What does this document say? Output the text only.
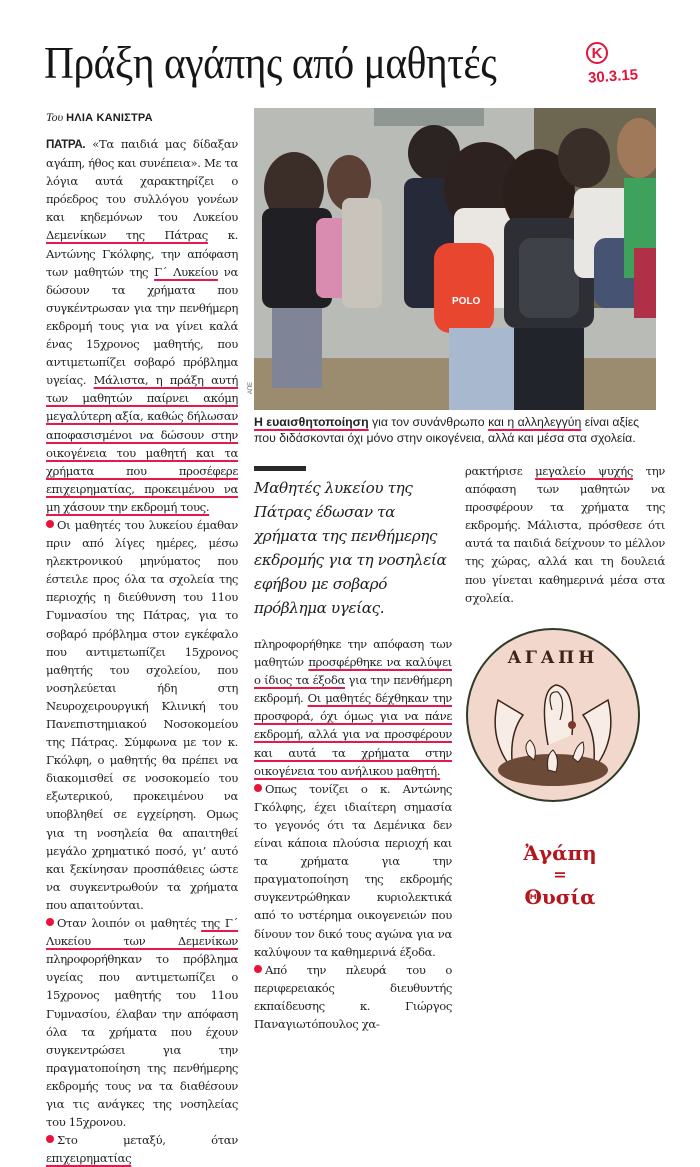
Πράξη αγάπης από μαθητές	K
30.3.15
Του ΗΛΙΑ ΚΑΝΙΣΤΡΑ

ΠΑΤΡΑ. «Τα παιδιά μας δίδαξαν αγάπη, ήθος και συνέπεια». Με τα λόγια αυτά χαρακτηρίζει ο πρόεδρος του συλλόγου γονέων και κηδεμόνων του Λυκείου Δεμενίκων της Πάτρας κ. Αντώνης Γκόλφης, την απόφαση των μαθητών της Γ΄ Λυκείου να δώσουν τα χρήματα που συγκέντρωσαν για την πενθήμερη εκδρομή τους για να γίνει καλά ένας 15χρονος μαθητής, που αντιμετωπίζει σοβαρό πρόβλημα υγείας. Μάλιστα, η πράξη αυτή των μαθητών παίρνει ακόμη μεγαλύτερη αξία, καθώς δήλωσαν αποφασισμένοι να δώσουν στην οικογένεια του μαθητή και τα χρήματα που προσέφερε επιχειρηματίας, προκειμένου να μη χάσουν την εκδρομή τους.

Οι μαθητές του λυκείου έμαθαν πριν από λίγες ημέρες, μέσω ηλεκτρονικού μηνύματος που έστειλε προς όλα τα σχολεία της περιοχής η διεύθυνση του 11ου Γυμνασίου της Πάτρας, για το σοβαρό πρόβλημα στον εγκέφαλο που αντιμετωπίζει 15χρονος μαθητής του σχολείου, που νοσηλεύεται ήδη στη Νευροχειρουργική Κλινική του Πανεπιστημιακού Νοσοκομείου της Πάτρας. Σύμφωνα με τον κ. Γκόλφη, ο μαθητής θα πρέπει να διακομισθεί σε νοσοκομείο του εξωτερικού, προκειμένου να υποβληθεί σε εγχείρηση. Ομως για τη νοσηλεία θα απαιτηθεί μεγάλο χρηματικό ποσό, γι’ αυτό και ξεκίνησαν προσπάθειες ώστε να συγκεντρωθούν τα χρήματα που απαιτούνται.

Οταν λοιπόν οι μαθητές της Γ΄ Λυκείου των Δεμενίκων πληροφορήθηκαν το πρόβλημα υγείας που αντιμετωπίζει ο 15χρονος μαθητής του 11ου Γυμνασίου, έλαβαν την απόφαση όλα τα χρήματα που έχουν συγκεντρώσει για την πραγματοποίηση της πενθήμερης εκδρομής τους να τα διαθέσουν για τις ανάγκες της νοσηλείας του 15χρονου.

Στο μεταξύ, όταν επιχειρηματίας

POLO
ΑΠΕ
Η ευαισθητοποίηση για τον συνάνθρωπο και η αλληλεγγύη είναι αξίες που διδάσκονται όχι μόνο στην οικογένεια, αλλά και μέσα στα σχολεία.
Μαθητές λυκείου της Πάτρας έδωσαν τα χρήματα της πενθήμερης εκδρομής για τη νοσηλεία εφήβου με σοβαρό πρόβλημα υγείας.

πληροφορήθηκε την απόφαση των μαθητών προσφέρθηκε να καλύψει ο ίδιος τα έξοδα για την πενθήμερη εκδρομή. Οι μαθητές δέχθηκαν την προσφορά, όχι όμως για να πάνε εκδρομή, αλλά για να προσφέρουν και αυτά τα χρήματα στην οικογένεια του ανήλικου μαθητή.

Οπως τονίζει ο κ. Αντώνης Γκόλφης, έχει ιδιαίτερη σημασία το γεγονός ότι τα Δεμένικα δεν είναι κάποια πλούσια περιοχή και τα χρήματα για την πραγματοποίηση της εκδρομής συγκεντρώθηκαν κυριολεκτικά από το υστέρημα οικογενειών που δίνουν τον δικό τους αγώνα για να καλύψουν τα καθημερινά έξοδα.

Από την πλευρά του ο περιφερειακός διευθυντής εκπαίδευσης κ. Γιώργος Παναγιωτόπουλος χα-

ρακτήρισε μεγαλείο ψυχής την απόφαση των μαθητών να προσφέρουν τα χρήματα της εκδρομής. Μάλιστα, πρόσθεσε ότι αυτά τα παιδιά δείχνουν το μέλλον της χώρας, αλλά και τη δουλειά που γίνεται καθημερινά μέσα στα σχολεία.

ΑΓΑΠΗ
Ἀγάπη
=
Θυσία
